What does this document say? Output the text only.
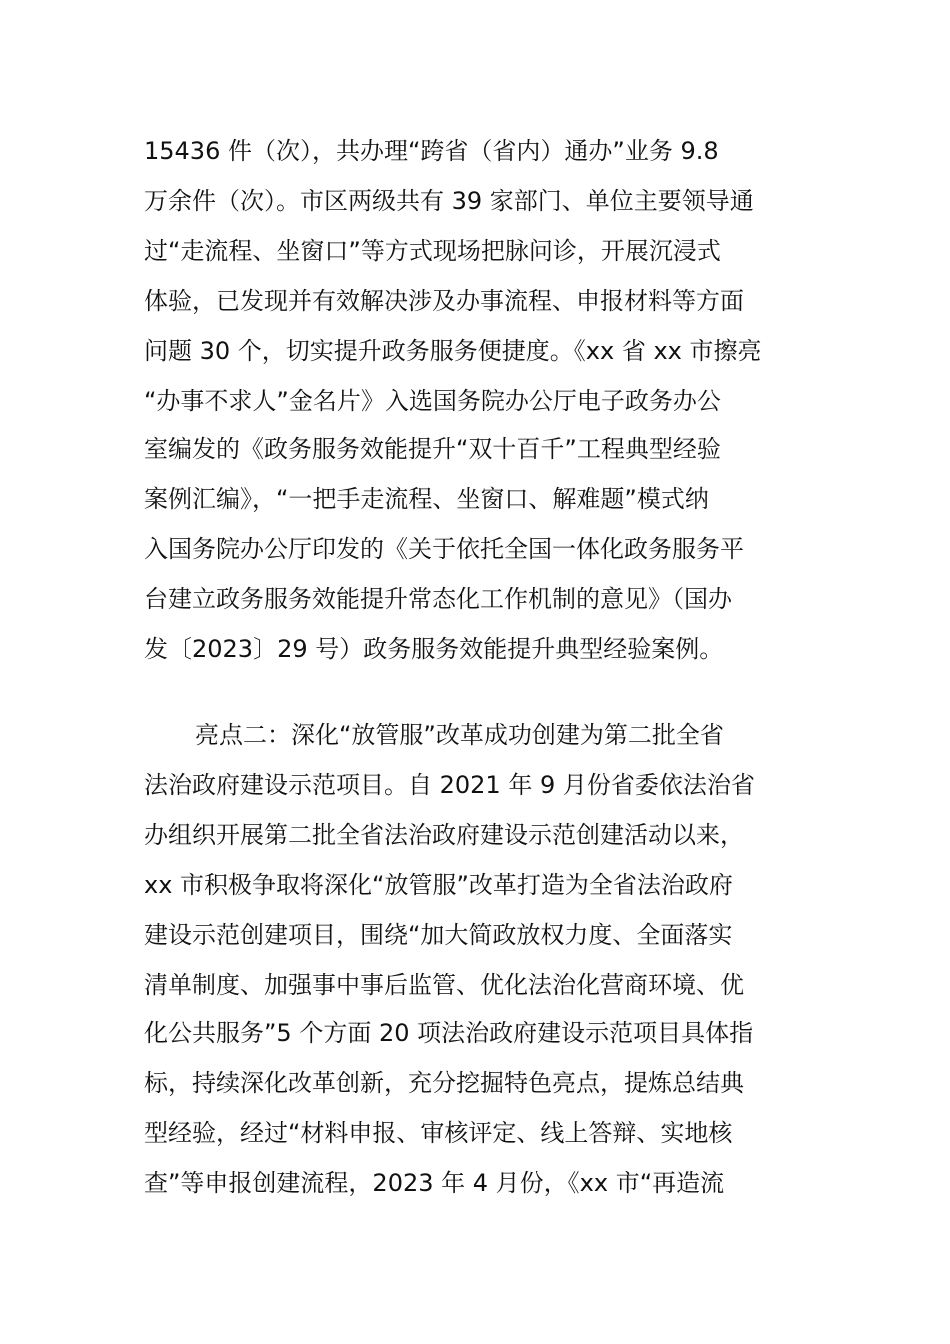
15436 件（次），共办理“跨省（省内）通办”业务 9.8
万余件（次）。市区两级共有 39 家部门、单位主要领导通
过“走流程、坐窗口”等方式现场把脉问诊，开展沉浸式
体验，已发现并有效解决涉及办事流程、申报材料等方面
问题 30 个，切实提升政务服务便捷度。《xx 省 xx 市擦亮
“办事不求人”金名片》入选国务院办公厅电子政务办公
室编发的《政务服务效能提升“双十百千”工程典型经验
案例汇编》，“一把手走流程、坐窗口、解难题”模式纳
入国务院办公厅印发的《关于依托全国一体化政务服务平
台建立政务服务效能提升常态化工作机制的意见》（国办
发〔2023〕29 号）政务服务效能提升典型经验案例。
亮点二：深化“放管服”改革成功创建为第二批全省
法治政府建设示范项目。自 2021 年 9 月份省委依法治省
办组织开展第二批全省法治政府建设示范创建活动以来，
xx 市积极争取将深化“放管服”改革打造为全省法治政府
建设示范创建项目，围绕“加大简政放权力度、全面落实
清单制度、加强事中事后监管、优化法治化营商环境、优
化公共服务”5 个方面 20 项法治政府建设示范项目具体指
标，持续深化改革创新，充分挖掘特色亮点，提炼总结典
型经验，经过“材料申报、审核评定、线上答辩、实地核
查”等申报创建流程，2023 年 4 月份，《xx 市“再造流
